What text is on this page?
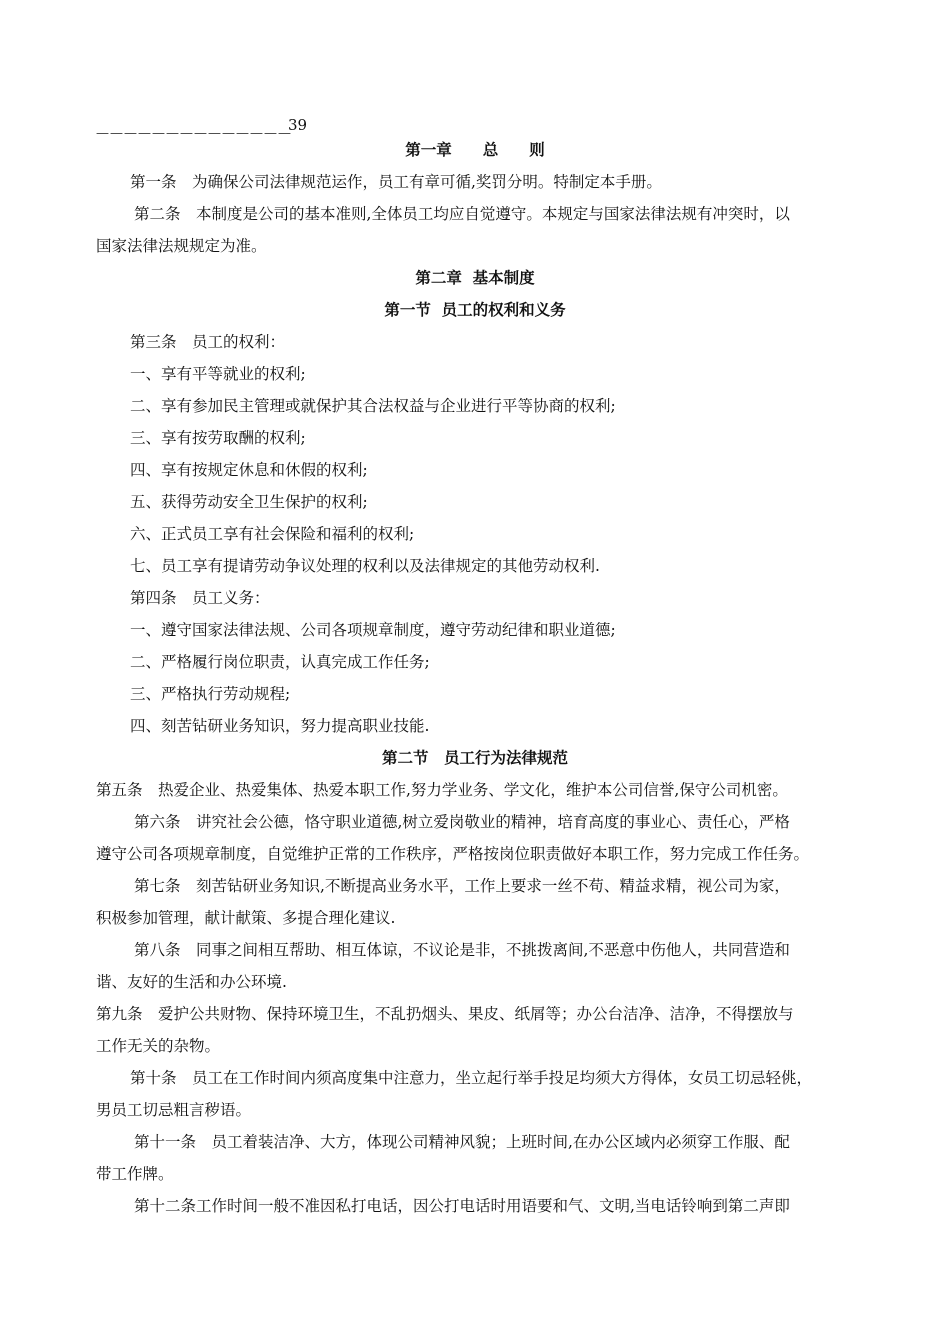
——————————————
39
第一章　　总　　则
第一条　为确保公司法律规范运作，员工有章可循,奖罚分明。特制定本手册。
第二条　本制度是公司的基本准则,全体员工均应自觉遵守。本规定与国家法律法规有冲突时，以
国家法律法规规定为准。
第二章  基本制度
第一节  员工的权利和义务
第三条　员工的权利：
一、享有平等就业的权利;
二、享有参加民主管理或就保护其合法权益与企业进行平等协商的权利;
三、享有按劳取酬的权利;
四、享有按规定休息和休假的权利;
五、获得劳动安全卫生保护的权利;
六、正式员工享有社会保险和福利的权利;
七、员工享有提请劳动争议处理的权利以及法律规定的其他劳动权利.
第四条　员工义务：
一、遵守国家法律法规、公司各项规章制度，遵守劳动纪律和职业道德;
二、严格履行岗位职责，认真完成工作任务;
三、严格执行劳动规程;
四、刻苦钻研业务知识，努力提高职业技能.
第二节　员工行为法律规范
第五条　热爱企业、热爱集体、热爱本职工作,努力学业务、学文化，维护本公司信誉,保守公司机密。
第六条　讲究社会公德，恪守职业道德,树立爱岗敬业的精神，培育高度的事业心、责任心，严格
遵守公司各项规章制度，自觉维护正常的工作秩序，严格按岗位职责做好本职工作，努力完成工作任务。
第七条　刻苦钻研业务知识,不断提高业务水平，工作上要求一丝不苟、精益求精，视公司为家，
积极参加管理，献计献策、多提合理化建议.
第八条　同事之间相互帮助、相互体谅，不议论是非，不挑拨离间,不恶意中伤他人，共同营造和
谐、友好的生活和办公环境.
第九条　爱护公共财物、保持环境卫生，不乱扔烟头、果皮、纸屑等；办公台洁净、洁净，不得摆放与
工作无关的杂物。
第十条　员工在工作时间内须高度集中注意力，坐立起行举手投足均须大方得体，女员工切忌轻佻，
男员工切忌粗言秽语。
第十一条　员工着装洁净、大方，体现公司精神风貌；上班时间,在办公区域内必须穿工作服、配
带工作牌。
第十二条工作时间一般不准因私打电话，因公打电话时用语要和气、文明,当电话铃响到第二声即
